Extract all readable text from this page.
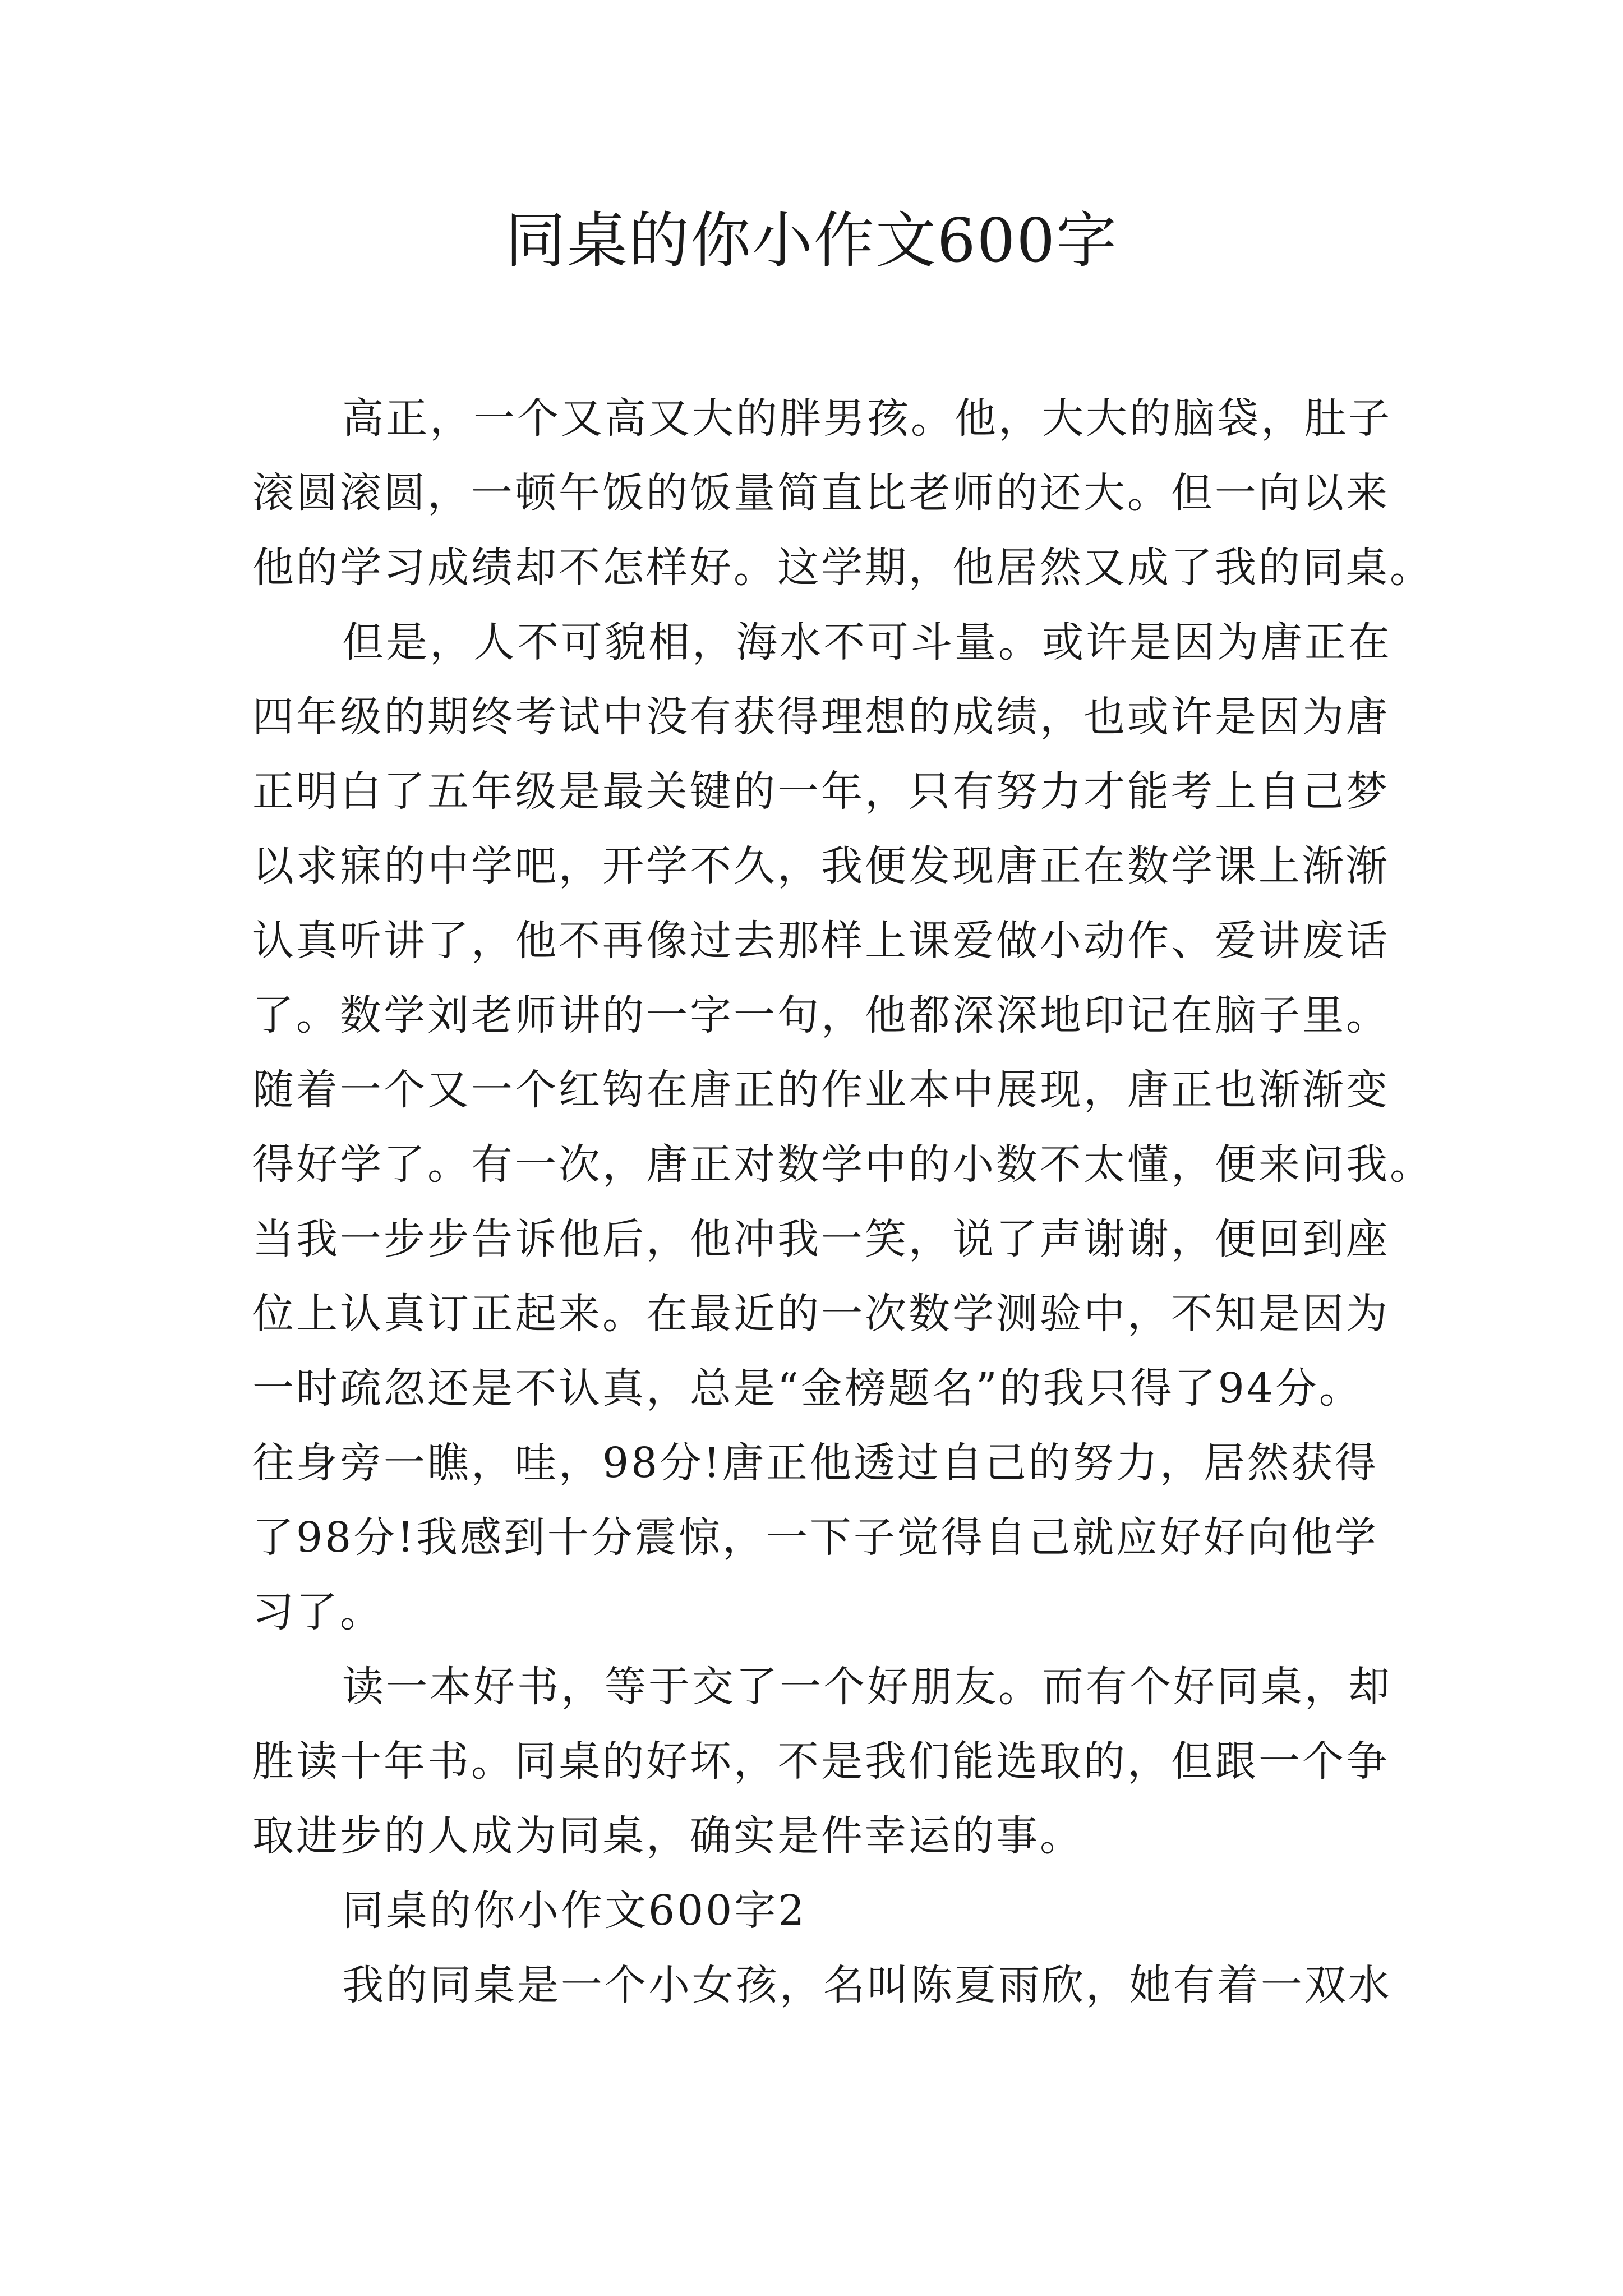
同桌的你小作文600字
高正，一个又高又大的胖男孩。他，大大的脑袋，肚子
滚圆滚圆，一顿午饭的饭量简直比老师的还大。但一向以来
他的学习成绩却不怎样好。这学期，他居然又成了我的同桌。
但是，人不可貌相，海水不可斗量。或许是因为唐正在
四年级的期终考试中没有获得理想的成绩，也或许是因为唐
正明白了五年级是最关键的一年，只有努力才能考上自己梦
以求寐的中学吧，开学不久，我便发现唐正在数学课上渐渐
认真听讲了，他不再像过去那样上课爱做小动作、爱讲废话
了。数学刘老师讲的一字一句，他都深深地印记在脑子里。
随着一个又一个红钩在唐正的作业本中展现，唐正也渐渐变
得好学了。有一次，唐正对数学中的小数不太懂，便来问我。
当我一步步告诉他后，他冲我一笑，说了声谢谢，便回到座
位上认真订正起来。在最近的一次数学测验中，不知是因为
一时疏忽还是不认真，总是“金榜题名”的我只得了94分。
往身旁一瞧，哇，98分!唐正他透过自己的努力，居然获得
了98分!我感到十分震惊，一下子觉得自己就应好好向他学
习了。
读一本好书，等于交了一个好朋友。而有个好同桌，却
胜读十年书。同桌的好坏，不是我们能选取的，但跟一个争
取进步的人成为同桌，确实是件幸运的事。
同桌的你小作文600字2
我的同桌是一个小女孩，名叫陈夏雨欣，她有着一双水
